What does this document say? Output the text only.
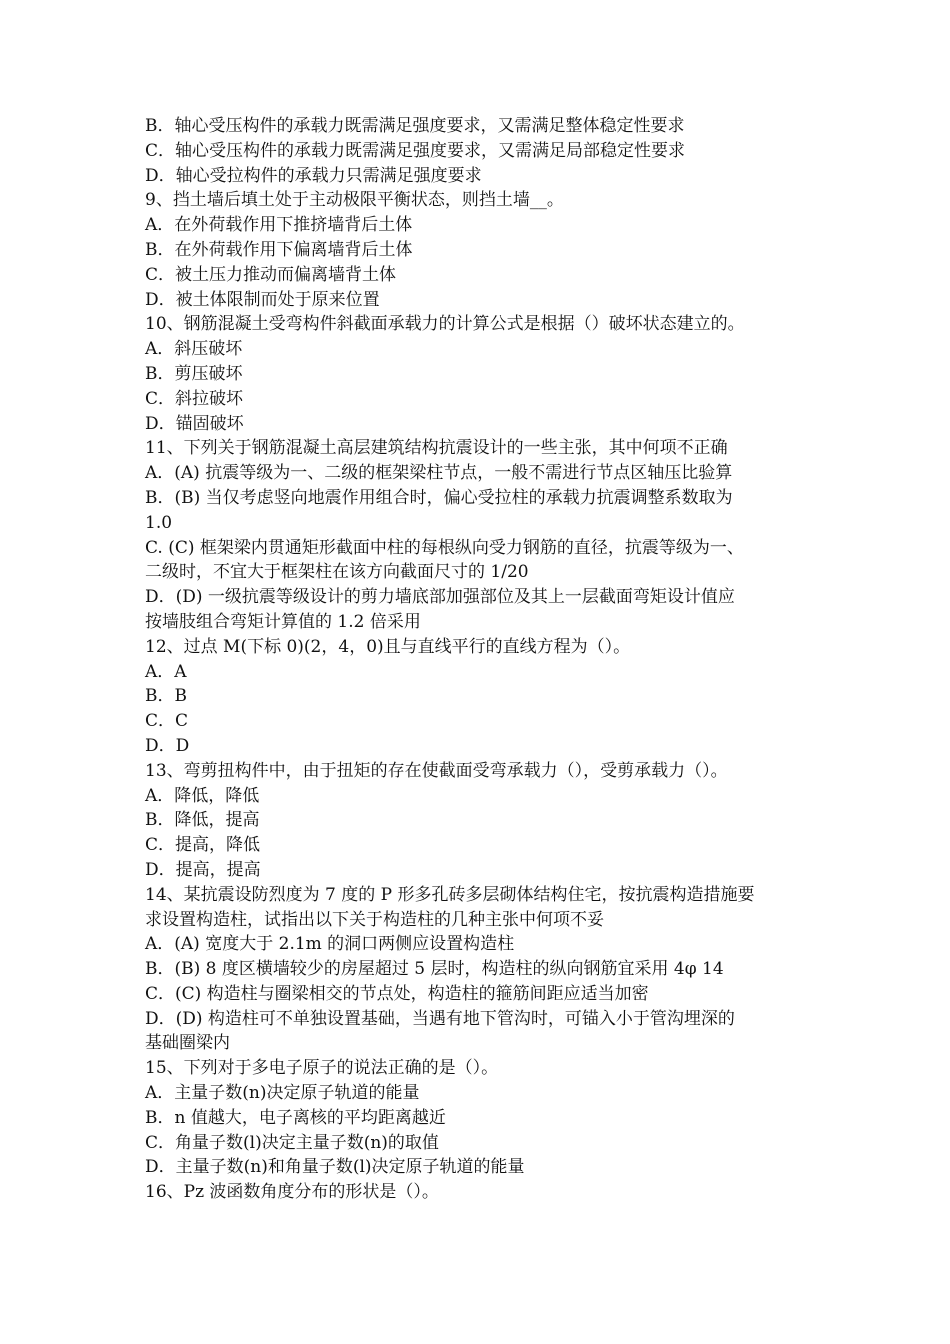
B．轴心受压构件的承载力既需满足强度要求，又需满足整体稳定性要求
C．轴心受压构件的承载力既需满足强度要求，又需满足局部稳定性要求
D．轴心受拉构件的承载力只需满足强度要求
9、挡土墙后填土处于主动极限平衡状态，则挡土墙__。
A．在外荷载作用下推挤墙背后土体
B．在外荷载作用下偏离墙背后土体
C．被土压力推动而偏离墙背土体
D．被土体限制而处于原来位置
10、钢筋混凝土受弯构件斜截面承载力的计算公式是根据（）破坏状态建立的。
A．斜压破坏
B．剪压破坏
C．斜拉破坏
D．锚固破坏
11、下列关于钢筋混凝土高层建筑结构抗震设计的一些主张，其中何项不正确
A．(A) 抗震等级为一、二级的框架梁柱节点，一般不需进行节点区轴压比验算
B．(B) 当仅考虑竖向地震作用组合时，偏心受拉柱的承载力抗震调整系数取为
1.0
C. (C) 框架梁内贯通矩形截面中柱的每根纵向受力钢筋的直径，抗震等级为一、
二级时，不宜大于框架柱在该方向截面尺寸的 1/20
D．(D) 一级抗震等级设计的剪力墙底部加强部位及其上一层截面弯矩设计值应
按墙肢组合弯矩计算值的 1.2 倍采用
12、过点 M(下标 0)(2，4，0)且与直线平行的直线方程为（）。
A．A
B．B
C．C
D．D
13、弯剪扭构件中，由于扭矩的存在使截面受弯承载力（），受剪承载力（）。
A．降低，降低
B．降低，提高
C．提高，降低
D．提高，提高
14、某抗震设防烈度为 7 度的 P 形多孔砖多层砌体结构住宅，按抗震构造措施要
求设置构造柱，试指出以下关于构造柱的几种主张中何项不妥
A．(A) 宽度大于 2.1m 的洞口两侧应设置构造柱
B．(B) 8 度区横墙较少的房屋超过 5 层时，构造柱的纵向钢筋宜采用 4φ 14
C．(C) 构造柱与圈梁相交的节点处，构造柱的箍筋间距应适当加密
D．(D) 构造柱可不单独设置基础，当遇有地下管沟时，可锚入小于管沟埋深的
基础圈梁内
15、下列对于多电子原子的说法正确的是（）。
A．主量子数(n)决定原子轨道的能量
B．n 值越大，电子离核的平均距离越近
C．角量子数(l)决定主量子数(n)的取值
D．主量子数(n)和角量子数(l)决定原子轨道的能量
16、Pz 波函数角度分布的形状是（）。
